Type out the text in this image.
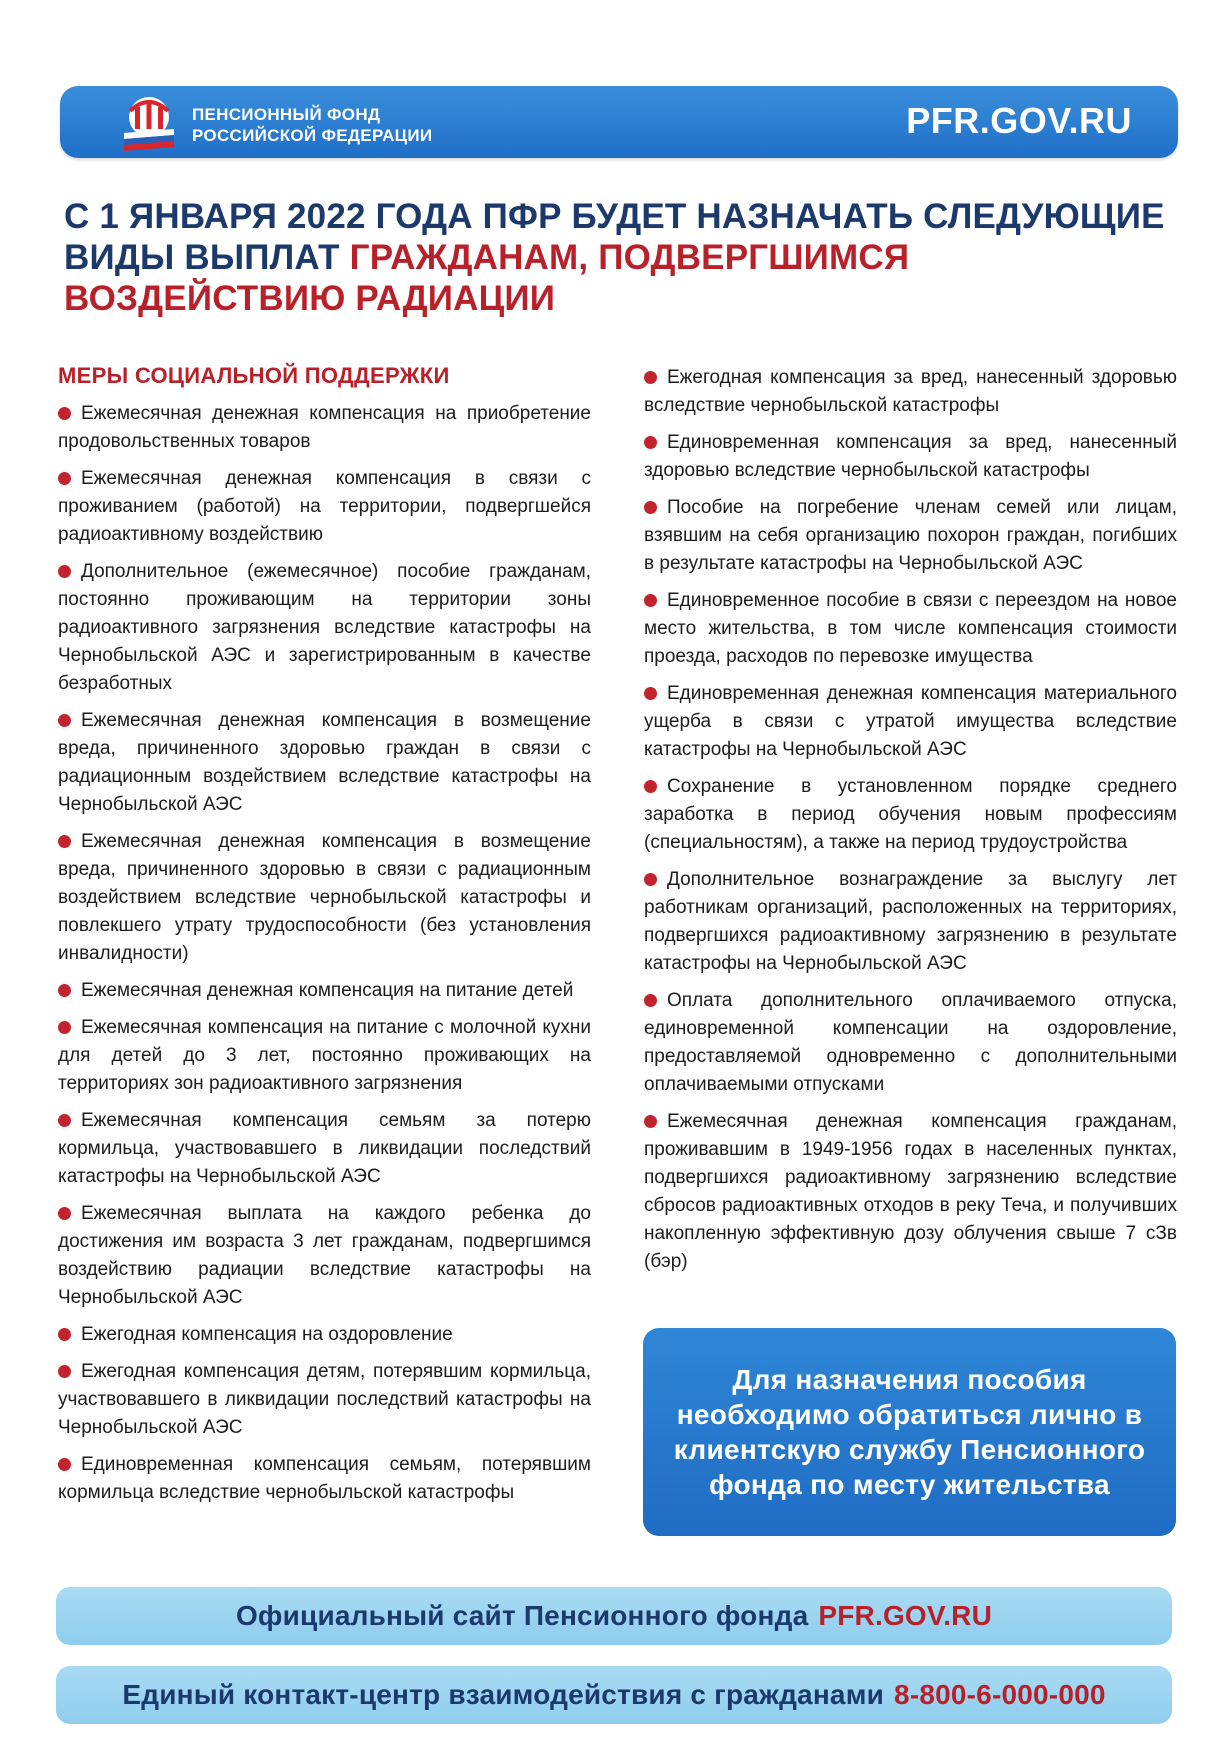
ПЕНСИОННЫЙ ФОНД
РОССИЙСКОЙ ФЕДЕРАЦИИ	PFR.GOV.RU
С 1 ЯНВАРЯ 2022 ГОДА ПФР БУДЕТ НАЗНАЧАТЬ СЛЕДУЮЩИЕ ВИДЫ ВЫПЛАТ ГРАЖДАНАМ, ПОДВЕРГШИМСЯ ВОЗДЕЙСТВИЮ РАДИАЦИИ
МЕРЫ СОЦИАЛЬНОЙ ПОДДЕРЖКИ
Ежемесячная денежная компенсация на приобретение продовольственных товаров
Ежемесячная денежная компенсация в связи с проживанием (работой) на территории, подвергшейся радиоактивному воздействию
Дополнительное (ежемесячное) пособие гражданам, постоянно проживающим на территории зоны радиоактивного загрязнения вследствие катастрофы на Чернобыльской АЭС и зарегистрированным в качестве безработных
Ежемесячная денежная компенсация в возмещение вреда, причиненного здоровью граждан в связи с радиационным воздействием вследствие катастрофы на Чернобыльской АЭС
Ежемесячная денежная компенсация в возмещение вреда, причиненного здоровью в связи с радиационным воздействием вследствие чернобыльской катастрофы и повлекшего утрату трудоспособности (без установления инвалидности)
Ежемесячная денежная компенсация на питание детей
Ежемесячная компенсация на питание с молочной кухни для детей до 3 лет, постоянно проживающих на территориях зон радиоактивного загрязнения
Ежемесячная компенсация семьям за потерю кормильца, участвовавшего в ликвидации последствий катастрофы на Чернобыльской АЭС
Ежемесячная выплата на каждого ребенка до достижения им возраста 3 лет гражданам, подвергшимся воздействию радиации вследствие катастрофы на Чернобыльской АЭС
Ежегодная компенсация на оздоровление
Ежегодная компенсация детям, потерявшим кормильца, участвовавшего в ликвидации последствий катастрофы на Чернобыльской АЭС
Единовременная компенсация семьям, потерявшим кормильца вследствие чернобыльской катастрофы
Ежегодная компенсация за вред, нанесенный здоровью вследствие чернобыльской катастрофы
Единовременная компенсация за вред, нанесенный здоровью вследствие чернобыльской катастрофы
Пособие на погребение членам семей или лицам, взявшим на себя организацию похорон граждан, погибших в результате катастрофы на Чернобыльской АЭС
Единовременное пособие в связи с переездом на новое место жительства, в том числе компенсация стоимости проезда, расходов по перевозке имущества
Единовременная денежная компенсация материального ущерба в связи с утратой имущества вследствие катастрофы на Чернобыльской АЭС
Сохранение в установленном порядке среднего заработка в период обучения новым профессиям (специальностям), а также на период трудоустройства
Дополнительное вознаграждение за выслугу лет работникам организаций, расположенных на территориях, подвергшихся радиоактивному загрязнению в результате катастрофы на Чернобыльской АЭС
Оплата дополнительного оплачиваемого отпуска, единовременной компенсации на оздоровление, предоставляемой одновременно с дополнительными оплачиваемыми отпусками
Ежемесячная денежная компенсация гражданам, проживавшим в 1949-1956 годах в населенных пунктах, подвергшихся радиоактивному загрязнению вследствие сбросов радиоактивных отходов в реку Теча, и получивших накопленную эффективную дозу облучения свыше 7 сЗв (бэр)
Для назначения пособия необходимо обратиться лично в клиентскую службу Пенсионного фонда по месту жительства
Официальный сайт Пенсионного фонда PFR.GOV.RU
Единый контакт-центр взаимодействия с гражданами 8-800-6-000-000
